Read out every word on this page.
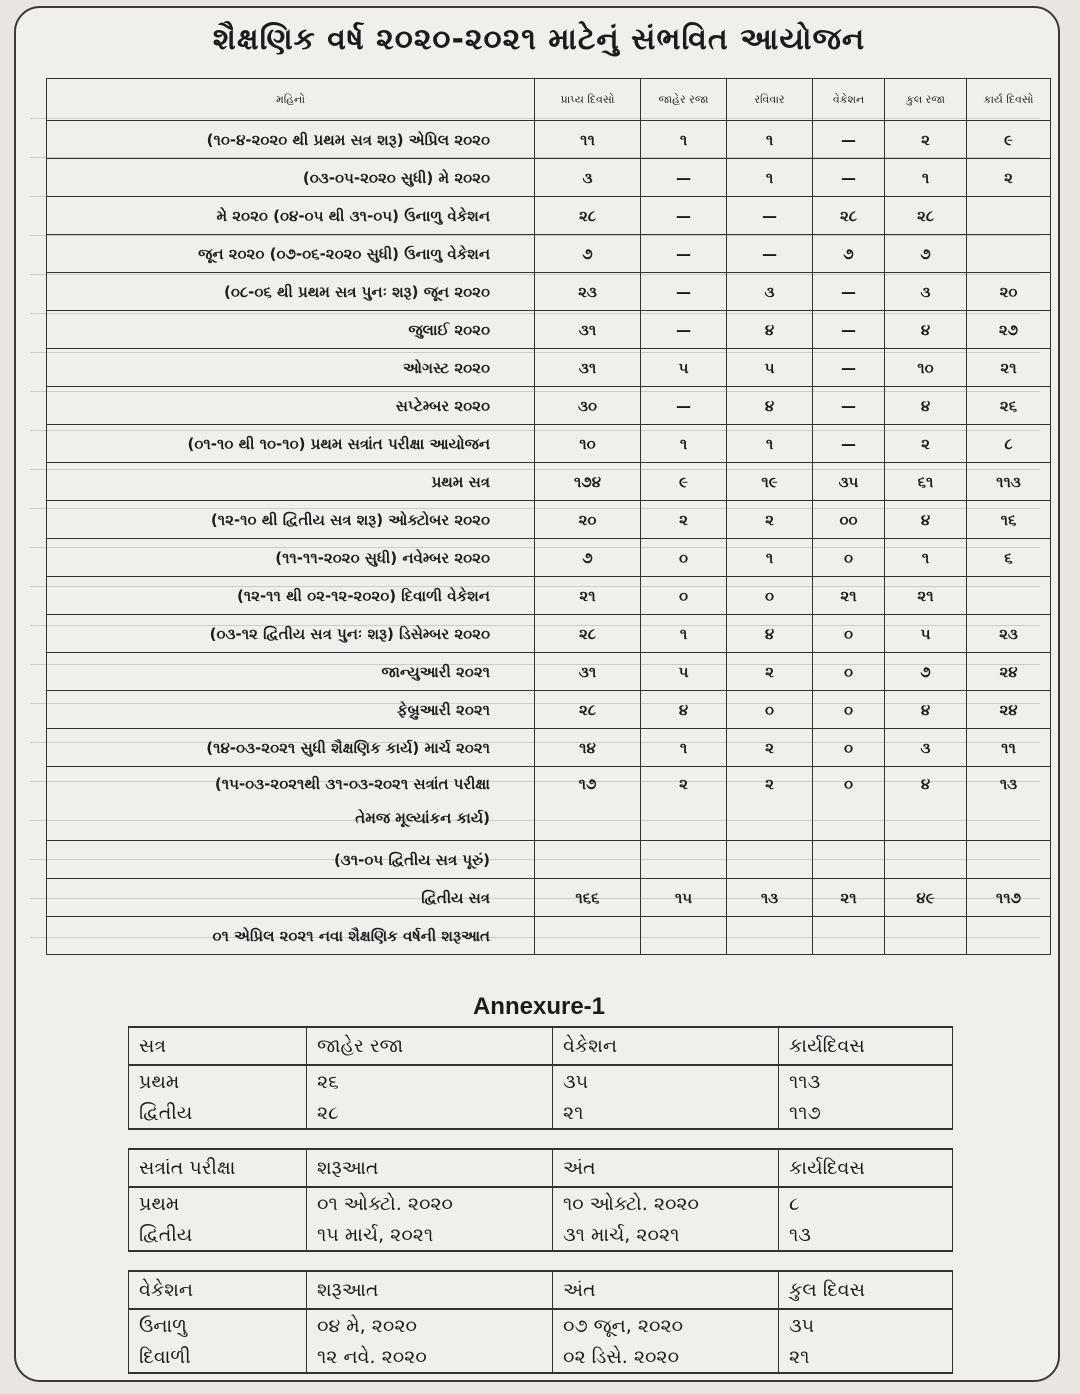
શૈક્ષણિક વર્ષ ૨૦૨૦-૨૦૨૧ માટેનું સંભવિત આયોજન
મહિનો	પ્રાપ્ય દિવસો	જાહેર રજા	રવિવાર	વેકેશન	કુલ રજા	કાર્ય દિવસો
(૧૦-૪-૨૦૨૦ થી પ્રથમ સત્ર શરૂ) એપ્રિલ ૨૦૨૦	૧૧	૧	૧	—	૨	૯
(૦૩-૦૫-૨૦૨૦ સુધી) મે ૨૦૨૦	૩	—	૧	—	૧	૨
મે ૨૦૨૦ (૦૪-૦૫ થી ૩૧-૦૫) ઉનાળુ વેકેશન	૨૮	—	—	૨૮	૨૮	
જૂન ૨૦૨૦ (૦૭-૦૬-૨૦૨૦ સુધી) ઉનાળુ વેકેશન	૭	—	—	૭	૭	
(૦૮-૦૬ થી પ્રથમ સત્ર પુનઃ શરૂ) જૂન ૨૦૨૦	૨૩	—	૩	—	૩	૨૦
જુલાઈ ૨૦૨૦	૩૧	—	૪	—	૪	૨૭
ઓગસ્ટ ૨૦૨૦	૩૧	૫	૫	—	૧૦	૨૧
સપ્ટેમ્બર ૨૦૨૦	૩૦	—	૪	—	૪	૨૬
(૦૧-૧૦ થી ૧૦-૧૦) પ્રથમ સત્રાંત પરીક્ષા આયોજન	૧૦	૧	૧	—	૨	૮
પ્રથમ સત્ર	૧૭૪	૯	૧૯	૩૫	૬૧	૧૧૩
(૧૨-૧૦ થી દ્વિતીય સત્ર શરૂ) ઓક્ટોબર ૨૦૨૦	૨૦	૨	૨	૦૦	૪	૧૬
(૧૧-૧૧-૨૦૨૦ સુધી) નવેમ્બર ૨૦૨૦	૭	૦	૧	૦	૧	૬
(૧૨-૧૧ થી ૦૨-૧૨-૨૦૨૦) દિવાળી વેકેશન	૨૧	૦	૦	૨૧	૨૧	
(૦૩-૧૨ દ્વિતીય સત્ર પુનઃ શરૂ) ડિસેમ્બર ૨૦૨૦	૨૮	૧	૪	૦	૫	૨૩
જાન્યુઆરી ૨૦૨૧	૩૧	૫	૨	૦	૭	૨૪
ફેબ્રુઆરી ૨૦૨૧	૨૮	૪	૦	૦	૪	૨૪
(૧૪-૦૩-૨૦૨૧ સુધી શૈક્ષણિક કાર્ય) માર્ચ ૨૦૨૧	૧૪	૧	૨	૦	૩	૧૧

(૧૫-૦૩-૨૦૨૧થી ૩૧-૦૩-૨૦૨૧ સત્રાંત પરીક્ષા
તેમજ મૂલ્યાંકન કાર્ય)	૧૭	૨	૨	૦	૪	૧૩
(૩૧-૦૫ દ્વિતીય સત્ર પૂરું)						
દ્વિતીય સત્ર	૧૬૬	૧૫	૧૩	૨૧	૪૯	૧૧૭
૦૧ એપ્રિલ ૨૦૨૧ નવા શૈક્ષણિક વર્ષની શરૂઆત						
Annexure-1
સત્ર	જાહેર રજા	વેકેશન	કાર્યદિવસ
પ્રથમ	૨૬	૩૫	૧૧૩
દ્વિતીય	૨૮	૨૧	૧૧૭
સત્રાંત પરીક્ષા	શરૂઆત	અંત	કાર્યદિવસ
પ્રથમ	૦૧ ઓક્ટો. ૨૦૨૦	૧૦ ઓક્ટો. ૨૦૨૦	૮
દ્વિતીય	૧૫ માર્ચ, ૨૦૨૧	૩૧ માર્ચ, ૨૦૨૧	૧૩
વેકેશન	શરૂઆત	અંત	કુલ દિવસ
ઉનાળુ	૦૪ મે, ૨૦૨૦	૦૭ જૂન, ૨૦૨૦	૩૫
દિવાળી	૧૨ નવે. ૨૦૨૦	૦૨ ડિસે. ૨૦૨૦	૨૧
